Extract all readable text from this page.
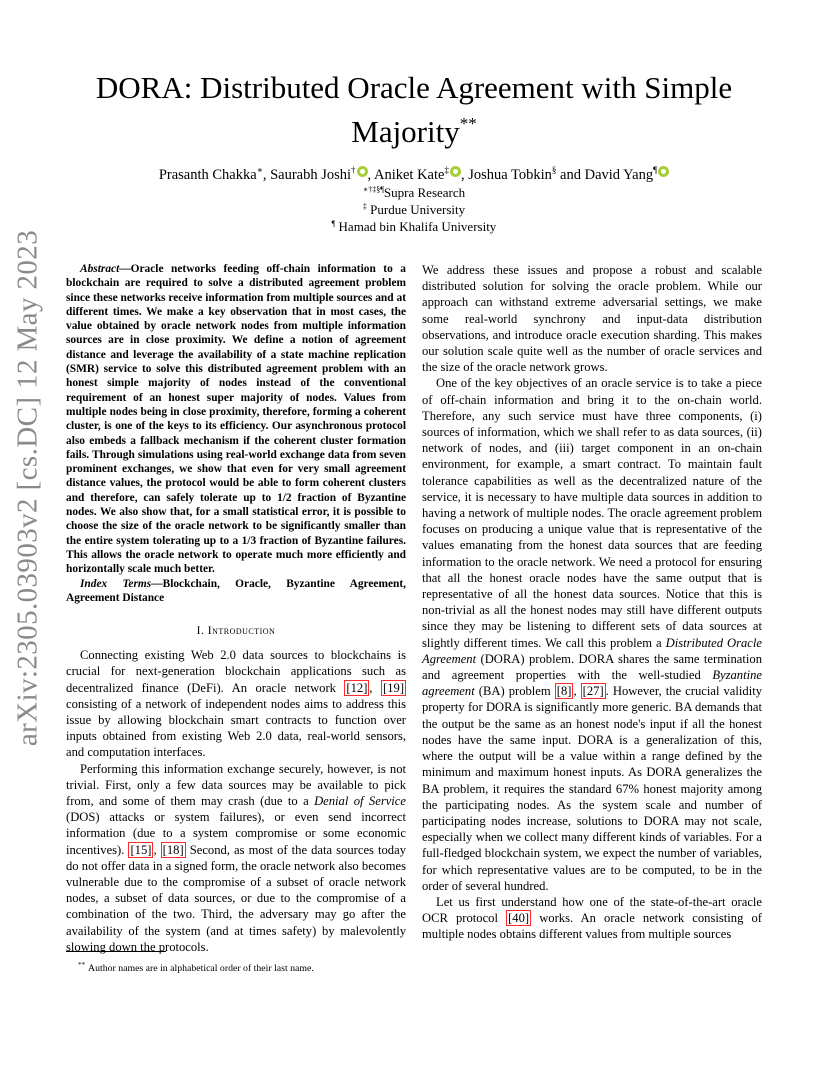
arXiv:2305.03903v2 [cs.DC] 12 May 2023
DORA: Distributed Oracle Agreement with Simple
Majority**
Prasanth Chakka∗, Saurabh Joshi† , Aniket Kate‡ , Joshua Tobkin§ and David Yang¶
∗†‡§¶Supra Research
‡ Purdue University
¶ Hamad bin Khalifa University

Abstract—Oracle networks feeding off-chain information to a blockchain are required to solve a distributed agreement problem since these networks receive information from multiple sources and at different times. We make a key observation that in most cases, the value obtained by oracle network nodes from multiple information sources are in close proximity. We define a notion of agreement distance and leverage the availability of a state machine replication (SMR) service to solve this distributed agreement problem with an honest simple majority of nodes instead of the conventional requirement of an honest super majority of nodes. Values from multiple nodes being in close proximity, therefore, forming a coherent cluster, is one of the keys to its efficiency. Our asynchronous protocol also embeds a fallback mechanism if the coherent cluster formation fails. Through simulations using real-world exchange data from seven prominent exchanges, we show that even for very small agreement distance values, the protocol would be able to form coherent clusters and therefore, can safely tolerate up to 1/2 fraction of Byzantine nodes. We also show that, for a small statistical error, it is possible to choose the size of the oracle network to be significantly smaller than the entire system tolerating up to a 1/3 fraction of Byzantine failures. This allows the oracle network to operate much more efficiently and horizontally scale much better.

Index Terms—Blockchain, Oracle, Byzantine Agreement, Agreement Distance

I. Introduction

Connecting existing Web 2.0 data sources to blockchains is crucial for next-generation blockchain applications such as decentralized finance (DeFi). An oracle network [12] , [19] consisting of a network of independent nodes aims to address this issue by allowing blockchain smart contracts to function over inputs obtained from existing Web 2.0 data, real-world sensors, and computation interfaces.

Performing this information exchange securely, however, is not trivial. First, only a few data sources may be available to pick from, and some of them may crash (due to a Denial of Service (DOS) attacks or system failures), or even send incorrect information (due to a system compromise or some economic incentives). [15] , [18] Second, as most of the data sources today do not offer data in a signed form, the oracle network also becomes vulnerable due to the compromise of a subset of oracle network nodes, a subset of data sources, or due to the compromise of a combination of the two. Third, the adversary may go after the availability of the system (and at times safety) by malevolently slowing down the protocols.

We address these issues and propose a robust and scalable distributed solution for solving the oracle problem. While our approach can withstand extreme adversarial settings, we make some real-world synchrony and input-data distribution observations, and introduce oracle execution sharding. This makes our solution scale quite well as the number of oracle services and the size of the oracle network grows.

One of the key objectives of an oracle service is to take a piece of off-chain information and bring it to the on-chain world. Therefore, any such service must have three components, (i) sources of information, which we shall refer to as data sources, (ii) network of nodes, and (iii) target component in an on-chain environment, for example, a smart contract. To maintain fault tolerance capabilities as well as the decentralized nature of the service, it is necessary to have multiple data sources in addition to having a network of multiple nodes. The oracle agreement problem focuses on producing a unique value that is representative of the values emanating from the honest data sources that are feeding information to the oracle network. We need a protocol for ensuring that all the honest oracle nodes have the same output that is representative of all the honest data sources. Notice that this is non-trivial as all the honest nodes may still have different outputs since they may be listening to different sets of data sources at slightly different times. We call this problem a Distributed Oracle Agreement (DORA) problem. DORA shares the same termination and agreement properties with the well-studied Byzantine agreement (BA) problem [8] , [27] . However, the crucial validity property for DORA is significantly more generic. BA demands that the output be the same as an honest node's input if all the honest nodes have the same input. DORA is a generalization of this, where the output will be a value within a range defined by the minimum and maximum honest inputs. As DORA generalizes the BA problem, it requires the standard 67% honest majority among the participating nodes. As the system scale and number of participating nodes increase, solutions to DORA may not scale, especially when we collect many different kinds of variables. For a full-fledged blockchain system, we expect the number of variables, for which representative values are to be computed, to be in the order of several hundred.

Let us first understand how one of the state-of-the-art oracle OCR protocol [40] works. An oracle network consisting of multiple nodes obtains different values from multiple sources

** Author names are in alphabetical order of their last name.
